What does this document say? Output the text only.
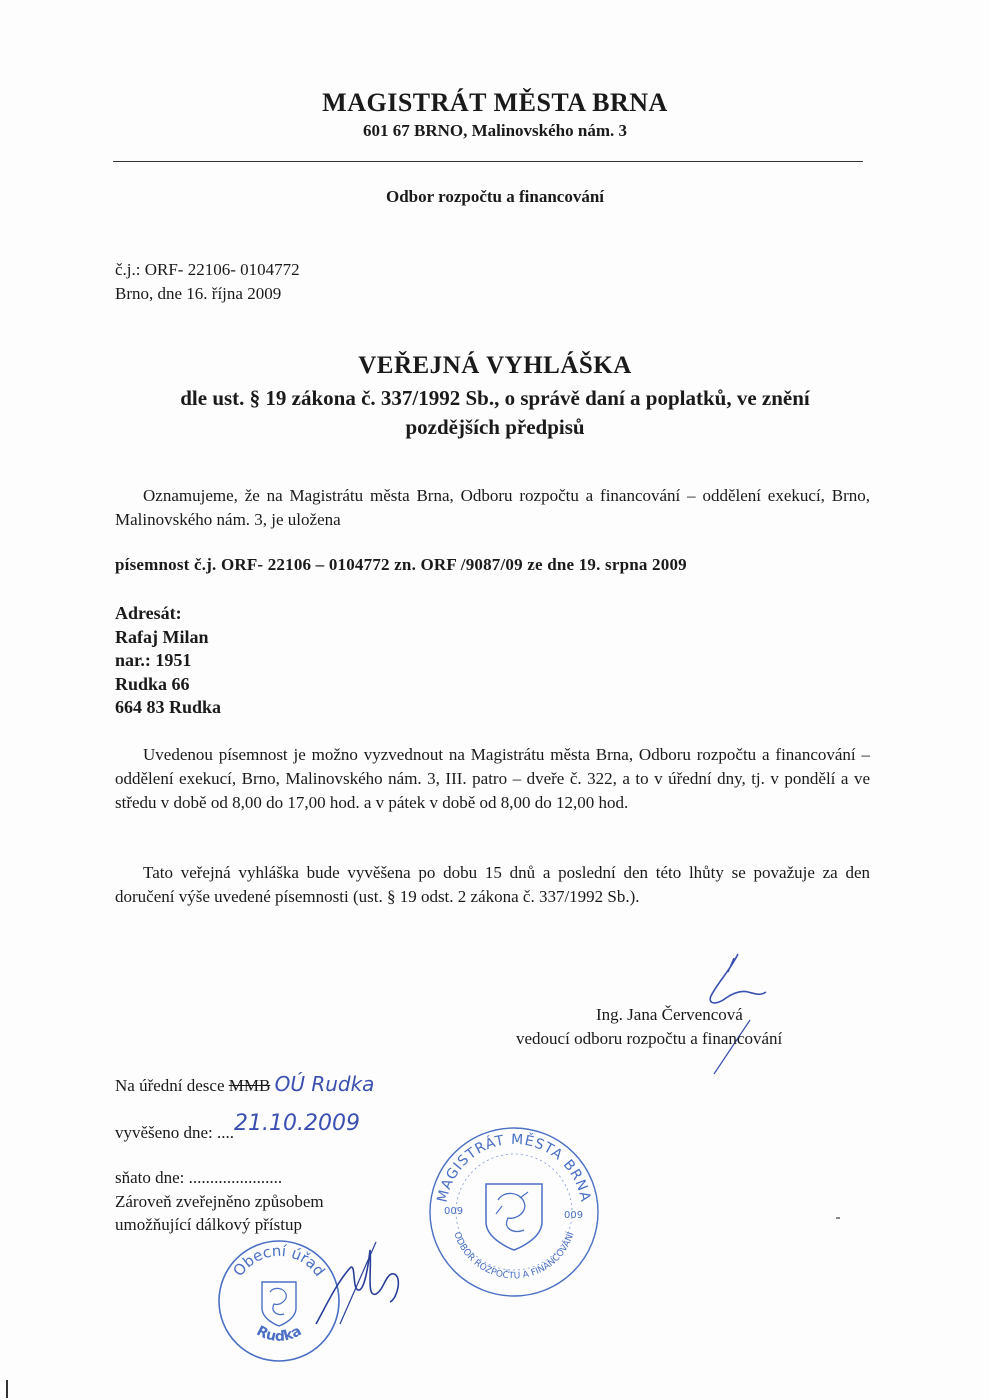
MAGISTRÁT MĚSTA BRNA
601 67 BRNO, Malinovského nám. 3
Odbor rozpočtu a financování
č.j.: ORF- 22106- 0104772
Brno, dne 16. října 2009
VEŘEJNÁ VYHLÁŠKA
dle ust. § 19 zákona č. 337/1992 Sb., o správě daní a poplatků, ve znění
pozdějších předpisů
Oznamujeme, že na Magistrátu města Brna, Odboru rozpočtu a financování – oddělení exekucí, Brno, Malinovského nám. 3, je uložena
písemnost č.j. ORF- 22106 – 0104772 zn. ORF /9087/09 ze dne 19. srpna 2009
Adresát:
Rafaj Milan
nar.: 1951
Rudka 66
664 83 Rudka
Uvedenou písemnost je možno vyzvednout na Magistrátu města Brna, Odboru rozpočtu a financování – oddělení exekucí, Brno, Malinovského nám. 3, III. patro – dveře č. 322, a to v úřední dny, tj. v pondělí a ve středu v době od 8,00 do 17,00 hod. a v pátek v době od 8,00 do 12,00 hod.
Tato veřejná vyhláška bude vyvěšena po dobu 15 dnů a poslední den této lhůty se považuje za den doručení výše uvedené písemnosti (ust. § 19 odst. 2 zákona č. 337/1992 Sb.).
Ing. Jana Červencová
vedoucí odboru rozpočtu a financování
Na úřední desce MMB OÚ Rudka
vyvěšeno dne: ....21.10.2009
sňato dne: ......................
Zároveň zveřejněno způsobem
umožňující dálkový přístup
Obecní úřad
Rudka
MAGISTRÁT MĚSTA BRNA
ODBOR ROZPOČTU A FINANCOVÁNÍ
009	009
